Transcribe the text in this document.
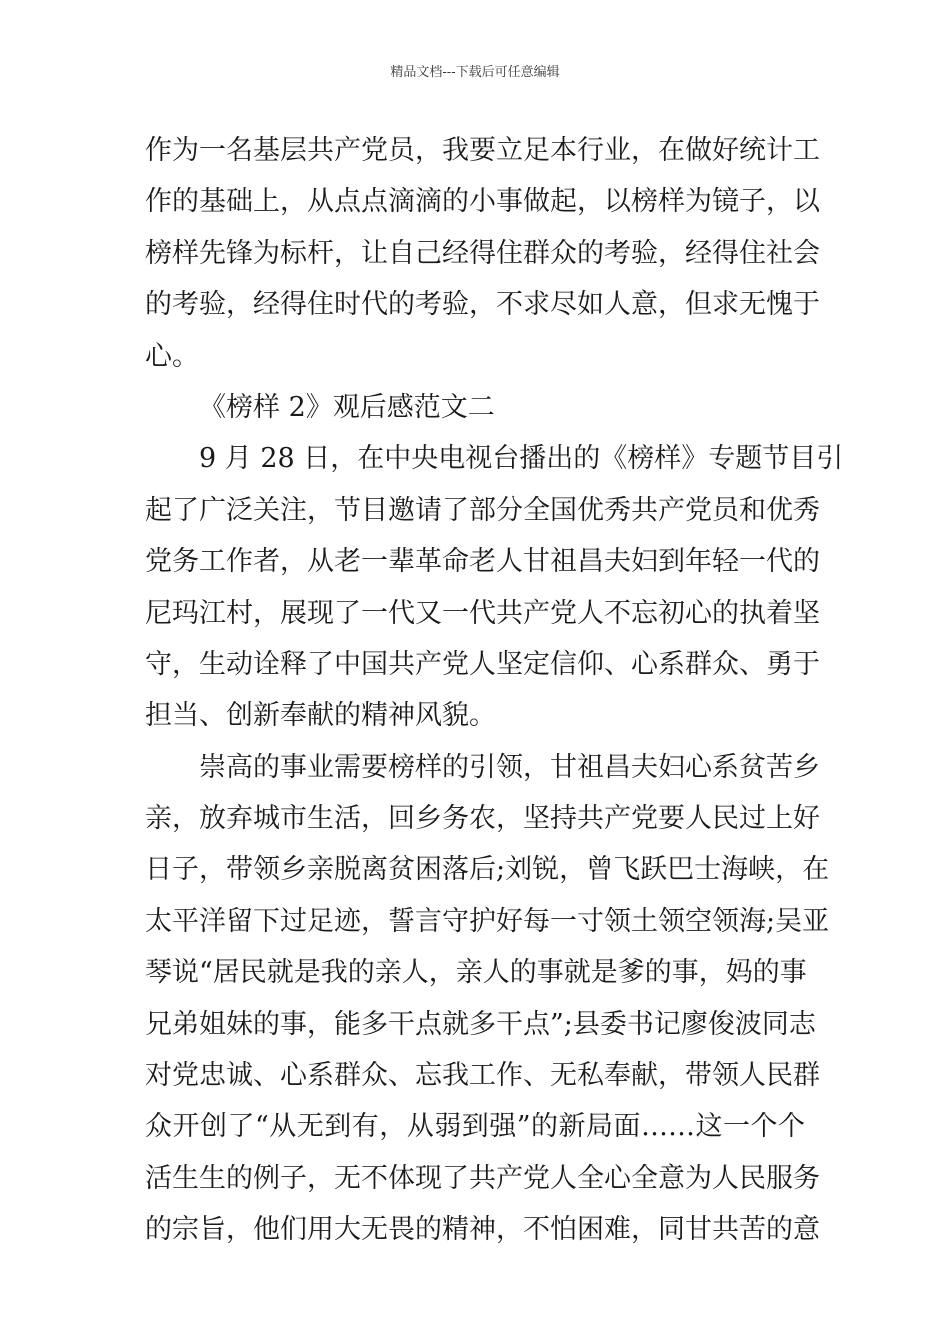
精品文档---下载后可任意编辑
作为一名基层共产党员，我要立足本行业，在做好统计工
作的基础上，从点点滴滴的小事做起，以榜样为镜子，以
榜样先锋为标杆，让自己经得住群众的考验，经得住社会
的考验，经得住时代的考验，不求尽如人意，但求无愧于
心。
《榜样 2》观后感范文二
9 月 28 日，在中央电视台播出的《榜样》专题节目引
起了广泛关注，节目邀请了部分全国优秀共产党员和优秀
党务工作者，从老一辈革命老人甘祖昌夫妇到年轻一代的
尼玛江村，展现了一代又一代共产党人不忘初心的执着坚
守，生动诠释了中国共产党人坚定信仰、心系群众、勇于
担当、创新奉献的精神风貌。
崇高的事业需要榜样的引领，甘祖昌夫妇心系贫苦乡
亲，放弃城市生活，回乡务农，坚持共产党要人民过上好
日子，带领乡亲脱离贫困落后;刘锐，曾飞跃巴士海峡，在
太平洋留下过足迹，誓言守护好每一寸领土领空领海;吴亚
琴说“居民就是我的亲人，亲人的事就是爹的事，妈的事
兄弟姐妹的事，能多干点就多干点”;县委书记廖俊波同志
对党忠诚、心系群众、忘我工作、无私奉献，带领人民群
众开创了“从无到有，从弱到强”的新局面……这一个个
活生生的例子，无不体现了共产党人全心全意为人民服务
的宗旨，他们用大无畏的精神，不怕困难，同甘共苦的意
